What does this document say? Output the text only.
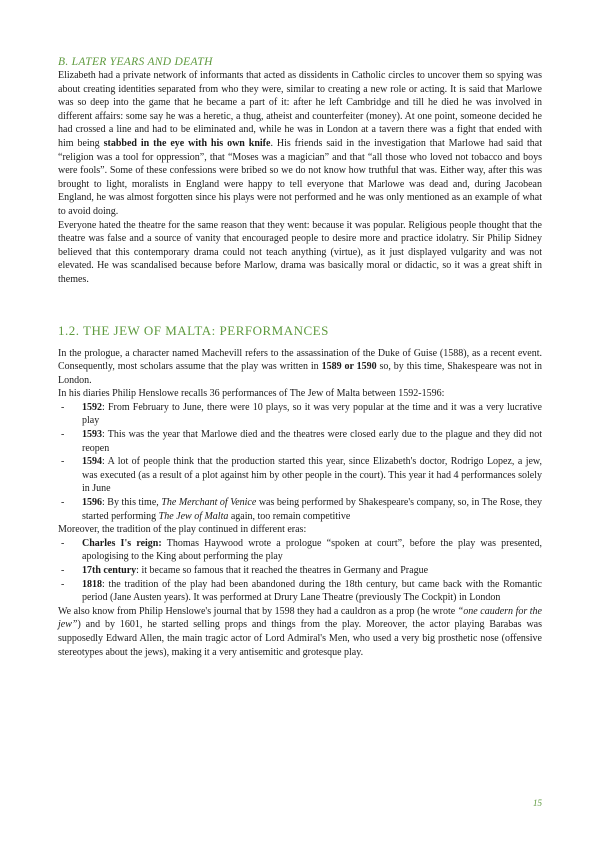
B. LATER YEARS AND DEATH

Elizabeth had a private network of informants that acted as dissidents in Catholic circles to uncover them so spying was about creating identities separated from who they were, similar to creating a new role or acting. It is said that Marlowe was so deep into the game that he became a part of it: after he left Cambridge and till he died he was involved in different affairs: some say he was a heretic, a thug, atheist and counterfeiter (money). At one point, someone decided he had crossed a line and had to be eliminated and, while he was in London at a tavern there was a fight that ended with him being stabbed in the eye with his own knife. His friends said in the investigation that Marlowe had said that “religion was a tool for oppression”, that “Moses was a magician” and that “all those who loved not tobacco and boys were fools”. Some of these confessions were bribed so we do not know how truthful that was. Either way, after this was brought to light, moralists in England were happy to tell everyone that Marlowe was dead and, during Jacobean England, he was almost forgotten since his plays were not performed and he was only mentioned as an example of what to avoid doing.

Everyone hated the theatre for the same reason that they went: because it was popular. Religious people thought that the theatre was false and a source of vanity that encouraged people to desire more and practice idolatry. Sir Philip Sidney believed that this contemporary drama could not teach anything (virtue), as it just displayed vulgarity and was not elevated. He was scandalised because before Marlow, drama was basically moral or didactic, so it was a great shift in themes.

1.2. THE JEW OF MALTA: PERFORMANCES

In the prologue, a character named Machevill refers to the assassination of the Duke of Guise (1588), as a recent event. Consequently, most scholars assume that the play was written in 1589 or 1590 so, by this time, Shakespeare was not in London.

In his diaries Philip Henslowe recalls 36 performances of The Jew of Malta between 1592-1596:

- 1592: From February to June, there were 10 plays, so it was very popular at the time and it was a very lucrative play
- 1593: This was the year that Marlowe died and the theatres were closed early due to the plague and they did not reopen
- 1594: A lot of people think that the production started this year, since Elizabeth's doctor, Rodrigo Lopez, a jew, was executed (as a result of a plot against him by other people in the court). This year it had 4 performances solely in June
- 1596: By this time, The Merchant of Venice was being performed by Shakespeare's company, so, in The Rose, they started performing The Jew of Malta again, too remain competitive

Moreover, the tradition of the play continued in different eras:

- Charles I's reign: Thomas Haywood wrote a prologue “spoken at court”, before the play was presented, apologising to the King about performing the play
- 17th century: it became so famous that it reached the theatres in Germany and Prague
- 1818: the tradition of the play had been abandoned during the 18th century, but came back with the Romantic period (Jane Austen years). It was performed at Drury Lane Theatre (previously The Cockpit) in London

We also know from Philip Henslowe's journal that by 1598 they had a cauldron as a prop (he wrote “one caudern for the jew”) and by 1601, he started selling props and things from the play. Moreover, the actor playing Barabas was supposedly Edward Allen, the main tragic actor of Lord Admiral's Men, who used a very big prosthetic nose (offensive stereotypes about the jews), making it a very antisemitic and grotesque play.

15
